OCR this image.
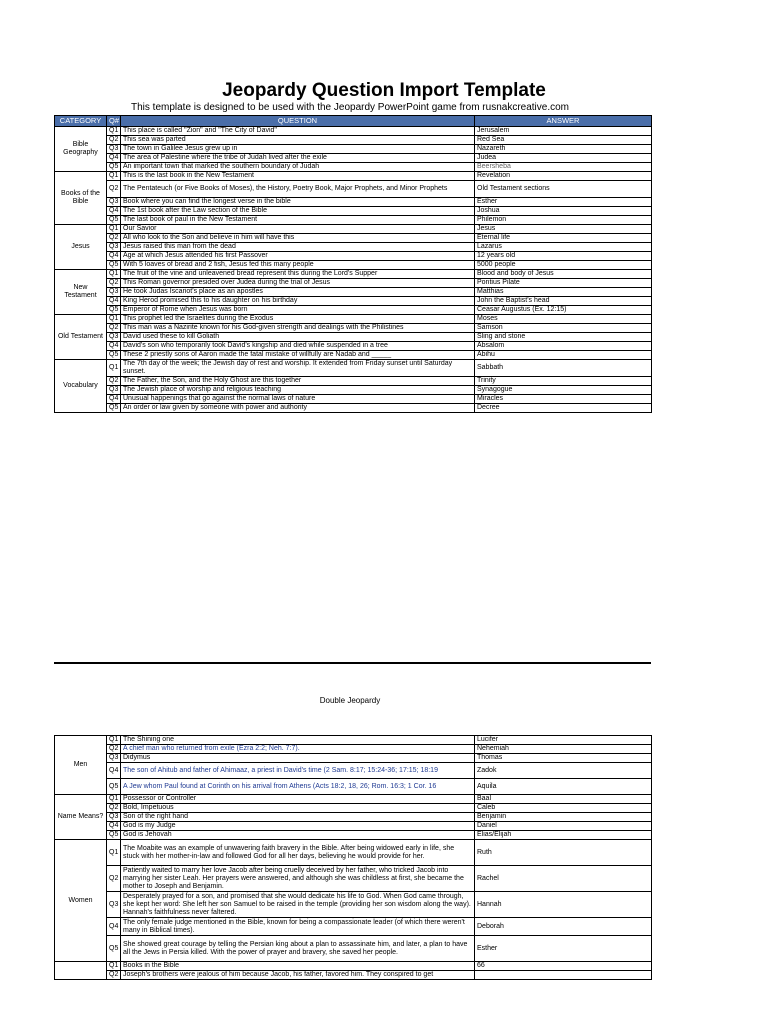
Jeopardy Question Import Template
This template is designed to be used with the Jeopardy PowerPoint game from rusnakcreative.com
CATEGORY	Q#	QUESTION	ANSWER
Bible Geography	Q1	This place is called "Zion" and "The City of David"	Jerusalem
	Q2	This sea was parted	Red Sea
	Q3	The town in Galilee Jesus grew up in	Nazareth
	Q4	The area of Palestine where the tribe of Judah lived after the exile	Judea
	Q5	An important town that marked the southern boundary of Judah	Beersheba
Books of the Bible	Q1	This is the last book in the New Testament	Revelation
	Q2	The Pentateuch (or Five Books of Moses), the History, Poetry Book, Major Prophets, and Minor Prophets	Old Testament sections
	Q3	Book where you can find the longest verse in the bible	Esther
	Q4	The 1st book after the Law section of the Bible	Joshua
	Q5	The last book of paul in the New Testament	Philemon
Jesus	Q1	Our Savior	Jesus
	Q2	All who look to the Son and believe in him will have this	Eternal life
	Q3	Jesus raised this man from the dead	Lazarus
	Q4	Age at which Jesus attended his first Passover	12 years old
	Q5	With 5 loaves of bread and 2 fish, Jesus fed this many people	5000 people
New Testament	Q1	The fruit of the vine and unleavened bread represent this during the Lord's Supper	Blood and body of Jesus
	Q2	This Roman governor presided over Judea during the trial of Jesus	Pontius Pilate
	Q3	He took Judas Iscariot's place as an apostles	Matthias
	Q4	King Herod promised this to his daughter on his birthday	John the Baptist's head
	Q5	Emperor of Rome when Jesus was born	Ceasar Augustus (Ex. 12:15)
Old Testament	Q1	This prophet led the Israelites during the Exodus	Moses
	Q2	This man was a Nazirite known for his God-given strength and dealings with the Philistines	Samson
	Q3	David used these to kill Goliath	Sling and stone
	Q4	David's son who temporarily took David's kingship and died while suspended in a tree	Absalom
	Q5	These 2 priestly sons of Aaron made the fatal mistake of willfully are Nadab and _____	Abihu
Vocabulary	Q1	The 7th day of the week; the Jewish day of rest and worship. It extended from Friday sunset until Saturday sunset.	Sabbath
	Q2	The Father, the Son, and the Holy Ghost are this together	Trinity
	Q3	The Jewish place of worship and religious teaching	Synagogue
	Q4	Unusual happenings that go against the normal laws of nature	Miracles
	Q5	An order or law given by someone with power and authority	Decree
Double Jeopardy
Men	Q1	The Shining one	Lucifer
	Q2	A chief man who returned from exile (Ezra 2:2; Neh. 7:7).	Nehemiah
	Q3	Didymus	Thomas
	Q4	The son of Ahitub and father of Ahimaaz, a priest in David's time (2 Sam. 8:17; 15:24-36; 17:15; 18:19	Zadok
	Q5	A Jew whom Paul found at Corinth on his arrival from Athens (Acts 18:2, 18, 26; Rom. 16:3; 1 Cor. 16	Aquila
Name Means?	Q1	Possessor or Controller	Baal
	Q2	Bold, Impetuous	Caleb
	Q3	Son of the right hand	Benjamin
	Q4	God is my Judge	Daniel
	Q5	God is Jehovah	Elias/Elijah
Women	Q1	The Moabite was an example of unwavering faith bravery in the Bible. After being widowed early in life, she stuck with her mother-in-law and followed God for all her days, believing he would provide for her.	Ruth
	Q2	Patiently waited to marry her love Jacob after being cruelly deceived by her father, who tricked Jacob into marrying her sister Leah. Her prayers were answered, and although she was childless at first, she became the mother to Joseph and Benjamin.	Rachel
	Q3	Desperately prayed for a son, and promised that she would dedicate his life to God. When God came through, she kept her word: She left her son Samuel to be raised in the temple (providing her son wisdom along the way). Hannah's faithfulness never faltered.	Hannah
	Q4	The only female judge mentioned in the Bible, known for being a compassionate leader (of which there weren't many in Biblical times).	Deborah
	Q5	She showed great courage by telling the Persian king about a plan to assassinate him, and later, a plan to have all the Jews in Persia killed. With the power of prayer and bravery, she saved her people.	Esther
	Q1	Books in the Bible	66
	Q2	Joseph's brothers were jealous of him because Jacob, his father, favored him. They conspired to get	
